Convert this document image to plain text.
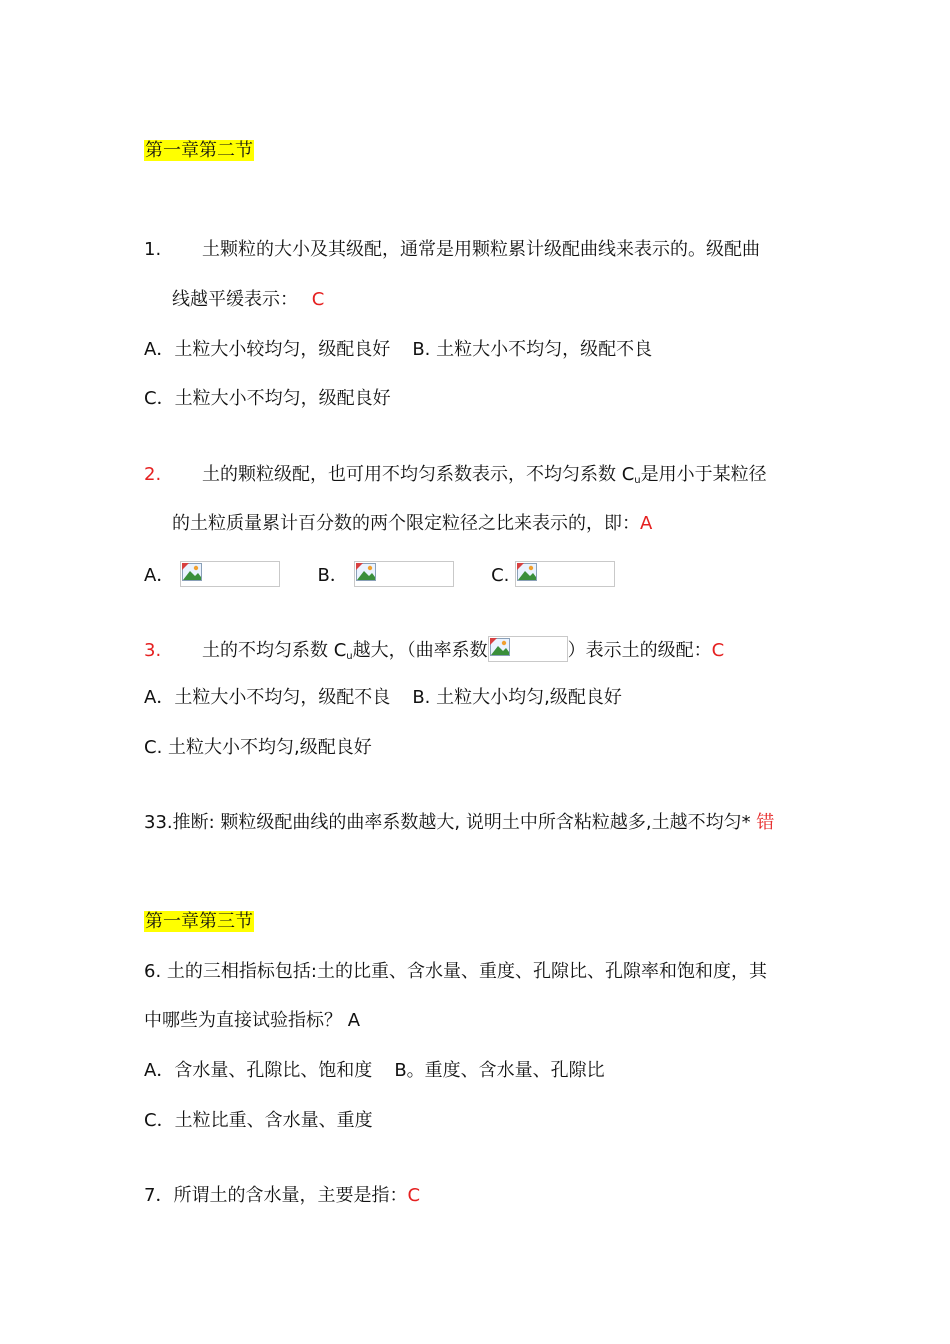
第一章第二节
1. 土颗粒的大小及其级配，通常是用颗粒累计级配曲线来表示的。级配曲
线越平缓表示： C
A．土粒大小较均匀，级配良好 B. 土粒大小不均匀，级配不良
C．土粒大小不均匀，级配良好
2. 土的颗粒级配，也可用不均匀系数表示，不均匀系数 $C_u$是用小于某粒径
的土粒质量累计百分数的两个限定粒径之比来表示的，即：A
A．	B．	C.
3. 土的不均匀系数 $C_u$越大，（曲率系数	）表示土的级配：C
A．土粒大小不均匀，级配不良 B. 土粒大小均匀,级配良好
C. 土粒大小不均匀,级配良好
33.推断: 颗粒级配曲线的曲率系数越大, 说明土中所含粘粒越多,土越不均匀* 错
第一章第三节
6. 土的三相指标包括:土的比重、含水量、重度、孔隙比、孔隙率和饱和度，其
中哪些为直接试验指标？ A
A．含水量、孔隙比、饱和度 B。重度、含水量、孔隙比
C．土粒比重、含水量、重度
7．所谓土的含水量，主要是指：C
